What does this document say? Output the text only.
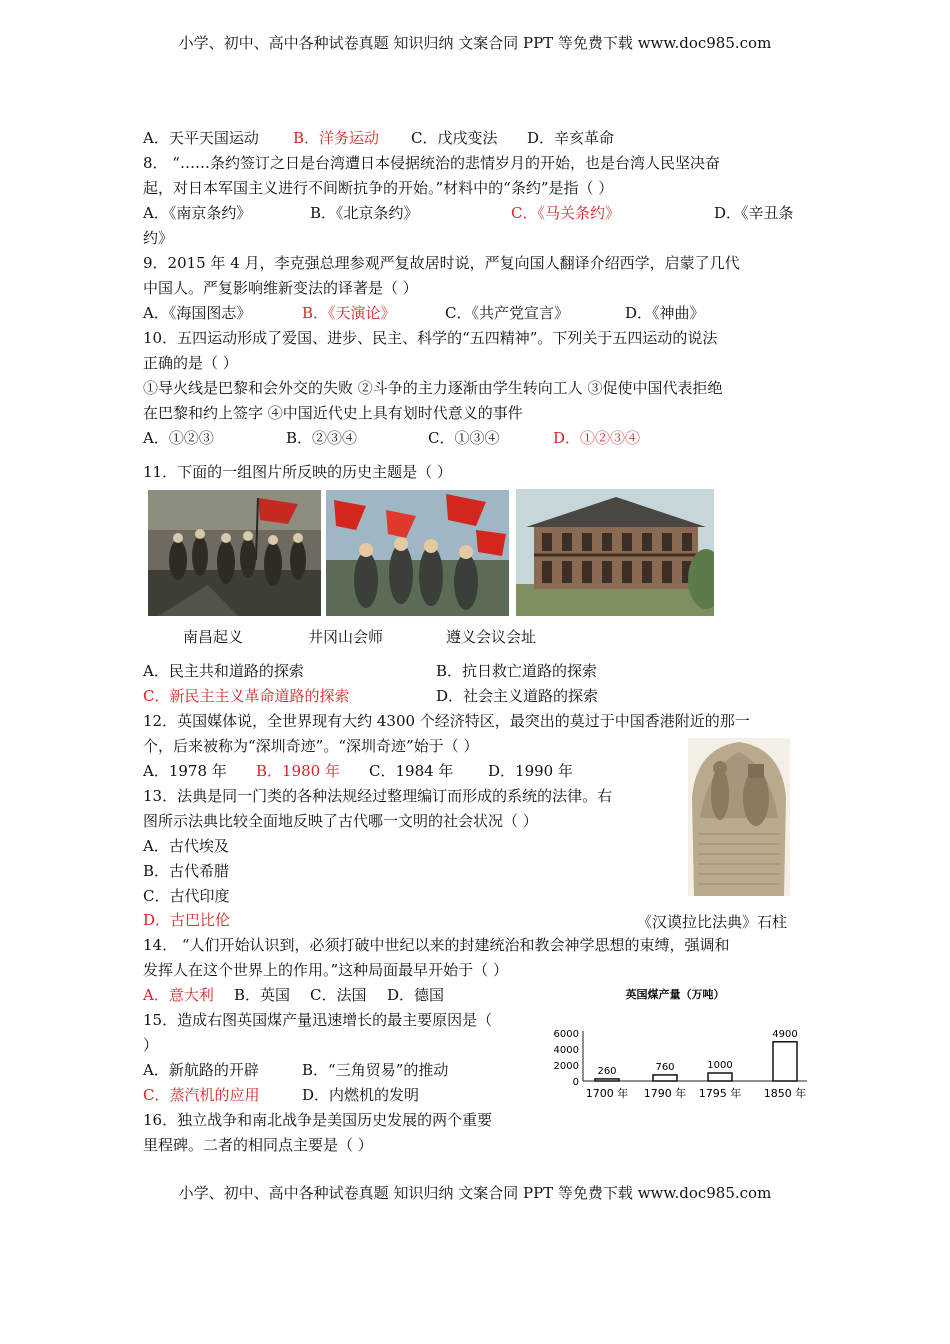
小学、初中、高中各种试卷真题 知识归纳 文案合同 PPT 等免费下载 www.doc985.com
A．天平天国运动 B．洋务运动 C．戊戌变法 D．辛亥革命
8． “……条约签订之日是台湾遭日本侵据统治的悲情岁月的开始，也是台湾人民坚决奋
起，对日本军国主义进行不间断抗争的开始。”材料中的“条约”是指（ ）
A．《南京条约》	B．《北京条约》	C．《马关条约》	D．《辛丑条
约》
9．2015 年 4 月，李克强总理参观严复故居时说，严复向国人翻译介绍西学，启蒙了几代
中国人。严复影响维新变法的译著是（ ）
A．《海国图志》	B．《天演论》	C．《共产党宣言》	D．《神曲》
10．五四运动形成了爱国、进步、民主、科学的“五四精神”。下列关于五四运动的说法
正确的是（ ）
①导火线是巴黎和会外交的失败 ②斗争的主力逐渐由学生转向工人 ③促使中国代表拒绝
在巴黎和约上签字 ④中国近代史上具有划时代意义的事件
A．①②③	B．②③④	C．①③④	D．①②③④
11．下面的一组图片所反映的历史主题是（ ）
南昌起义	井冈山会师	遵义会议会址
A．民主共和道路的探索	B．抗日救亡道路的探索
C．新民主主义革命道路的探索	D．社会主义道路的探索
12．英国媒体说，全世界现有大约 4300 个经济特区，最突出的莫过于中国香港附近的那一
个，后来被称为“深圳奇迹”。“深圳奇迹”始于（ ）
A．1978 年 B．1980 年 C．1984 年 D．1990 年
13．法典是同一门类的各种法规经过整理编订而形成的系统的法律。右
图所示法典比较全面地反映了古代哪一文明的社会状况（ ）
A．古代埃及
B．古代希腊
C．古代印度
D．古巴比伦	《汉谟拉比法典》石柱
14． “人们开始认识到，必须打破中世纪以来的封建统治和教会神学思想的束缚，强调和
发挥人在这个世界上的作用。”这种局面最早开始于（ ）
A．意大利 B．英国 C．法国 D．德国
15．造成右图英国煤产量迅速增长的最主要原因是（
）
A．新航路的开辟	B．“三角贸易”的推动
C．蒸汽机的应用	D．内燃机的发明
16．独立战争和南北战争是美国历史发展的两个重要
里程碑。二者的相同点主要是（ ）
英国煤产量（万吨）
6000
4000
2000
0
260
1700 年
760
1790 年
1000
1795 年
4900
1850 年
小学、初中、高中各种试卷真题 知识归纳 文案合同 PPT 等免费下载 www.doc985.com
